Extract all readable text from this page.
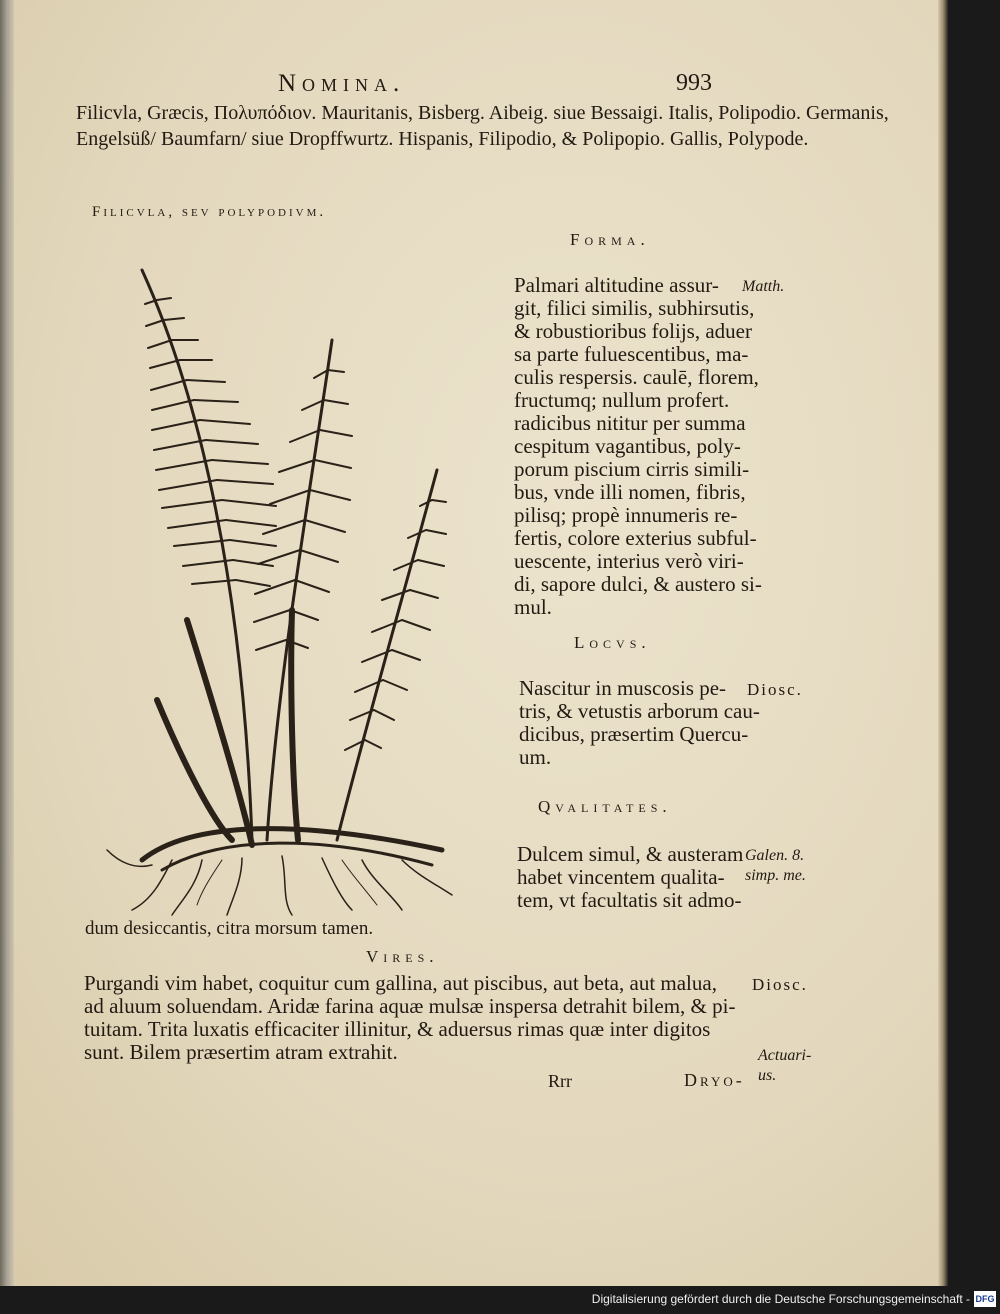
Nomina.	993
Filicvla, Græcis, Πολυπόδιον. Mauritanis, Bisberg. Aibeig. siue Bessaigi. Italis, Polipodio. Germanis, Engelsüß/ Baumfarn/ siue Dropffwurtz. Hispanis, Filipodio, & Polipopio. Gallis, Polypode.
Filicvla, sev polypodivm.
Forma.
Palmari altitudine assur-
git, filici similis, subhirsutis,
& robustioribus folijs, aduer
sa parte fuluescentibus, ma-
culis respersis. caulē, florem,
fructumq; nullum profert.
radicibus nititur per summa
cespitum vagantibus, poly-
porum piscium cirris simili-
bus, vnde illi nomen, fibris,
pilisq; propè innumeris re-
fertis, colore exterius subful-
uescente, interius verò viri-
di, sapore dulci, & austero si-
mul.
Locvs.
Nascitur in muscosis pe-
tris, & vetustis arborum cau-
dicibus, præsertim Quercu-
um.
Qvalitates.
Dulcem simul, & austeram
habet vincentem qualita-
tem, vt facultatis sit admo-
dum desiccantis, citra morsum tamen.
Vires.
Purgandi vim habet, coquitur cum gallina, aut piscibus, aut beta, aut malua,
ad aluum soluendam. Aridæ farina aquæ mulsæ inspersa detrahit bilem, & pi-
tuitam. Trita luxatis efficaciter illinitur, & aduersus rimas quæ inter digitos
sunt. Bilem præsertim atram extrahit.
Matth.
Diosc.
Galen. 8.
simp. me.
Diosc.
Actuari-
us.
Rrr	Dryo-
Digitalisierung gefördert durch die Deutsche Forschungsgemeinschaft - DFG
